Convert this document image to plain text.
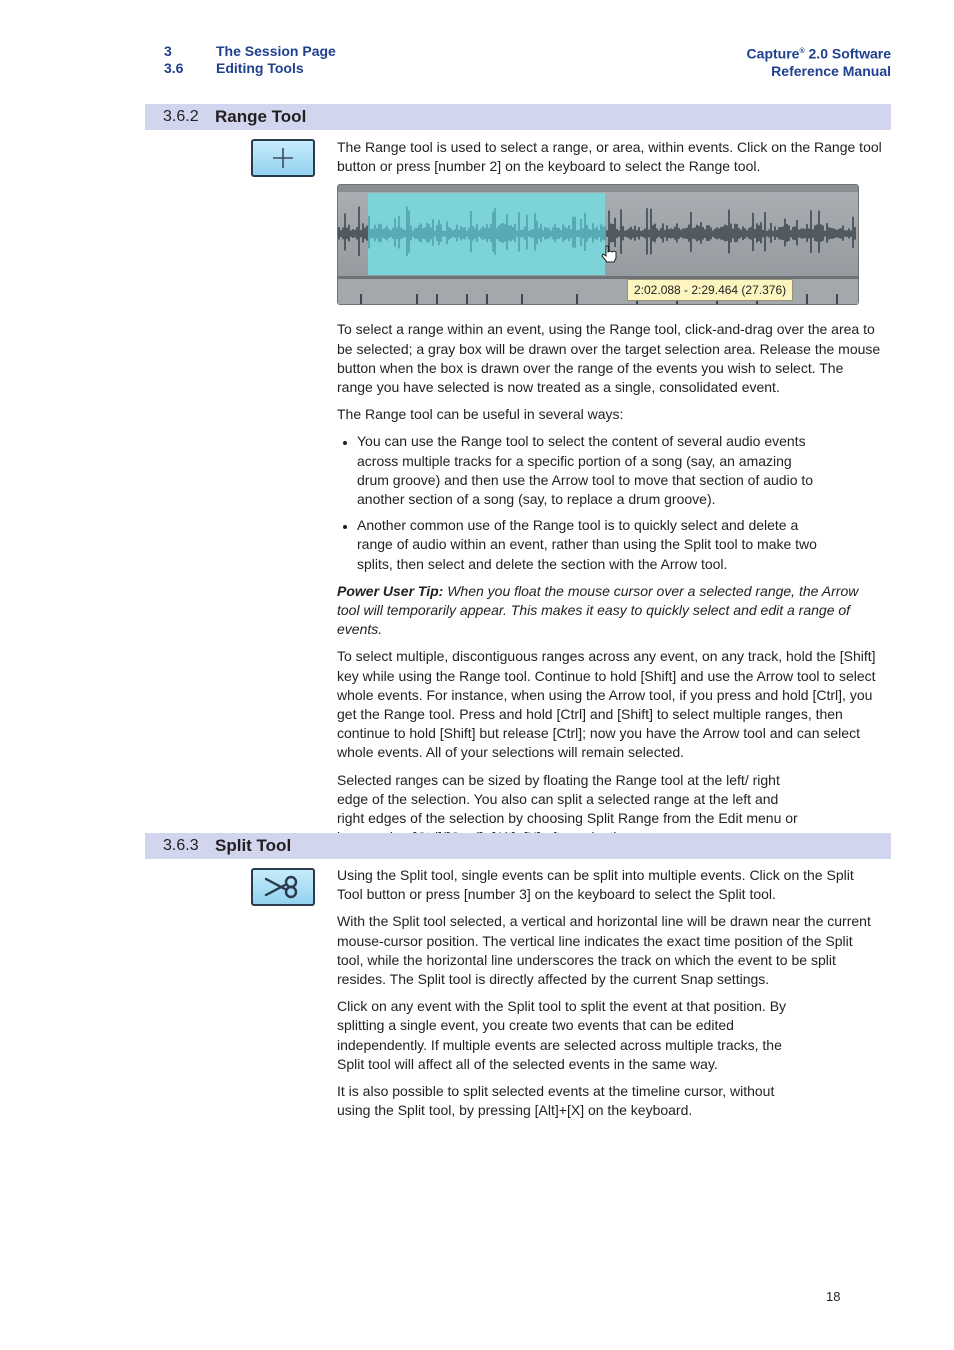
3	The Session Page
3.6	Editing Tools
Capture® 2.0 Software
Reference Manual
3.6.2 Range Tool

The Range tool is used to select a range, or area, within events. Click on the Range tool button or press [number 2] on the keyboard to select the Range tool.

2:02.088 - 2:29.464 (27.376)

To select a range within an event, using the Range tool, click-and-drag over the area to be selected; a gray box will be drawn over the target selection area. Release the mouse button when the box is drawn over the range of the events you wish to select. The range you have selected is now treated as a single, consolidated event.

The Range tool can be useful in several ways:

• You can use the Range tool to select the content of several audio events across multiple tracks for a specific portion of a song (say, an amazing drum groove) and then use the Arrow tool to move that section of audio to another section of a song (say, to replace a drum groove).
• Another common use of the Range tool is to quickly select and delete a range of audio within an event, rather than using the Split tool to make two splits, then select and delete the section with the Arrow tool.

Power User Tip: When you float the mouse cursor over a selected range, the Arrow tool will temporarily appear. This makes it easy to quickly select and edit a range of events.

To select multiple, discontiguous ranges across any event, on any track, hold the [Shift] key while using the Range tool. Continue to hold [Shift] and use the Arrow tool to select whole events. For instance, when using the Arrow tool, if you press and hold [Ctrl], you get the Range tool. Press and hold [Ctrl] and [Shift] to select multiple ranges, then continue to hold [Shift] but release [Ctrl]; now you have the Arrow tool and can select whole events. All of your selections will remain selected.

Selected ranges can be sized by floating the Range tool at the left/ right edge of the selection. You also can split a selected range at the left and right edges of the selection by choosing Split Range from the Edit menu or

3.6.3 Split Tool

Using the Split tool, single events can be split into multiple events. Click on the Split Tool button or press [number 3] on the keyboard to select the Split tool.

With the Split tool selected, a vertical and horizontal line will be drawn near the current mouse-cursor position. The vertical line indicates the exact time position of the Split tool, while the horizontal line underscores the track on which the event to be split resides. The Split tool is directly affected by the current Snap settings.

Click on any event with the Split tool to split the event at that position. By splitting a single event, you create two events that can be edited independently. If multiple events are selected across multiple tracks, the Split tool will affect all of the selected events in the same way.

It is also possible to split selected events at the timeline cursor, without using the Split tool, by pressing [Alt]+[X] on the keyboard.

18
